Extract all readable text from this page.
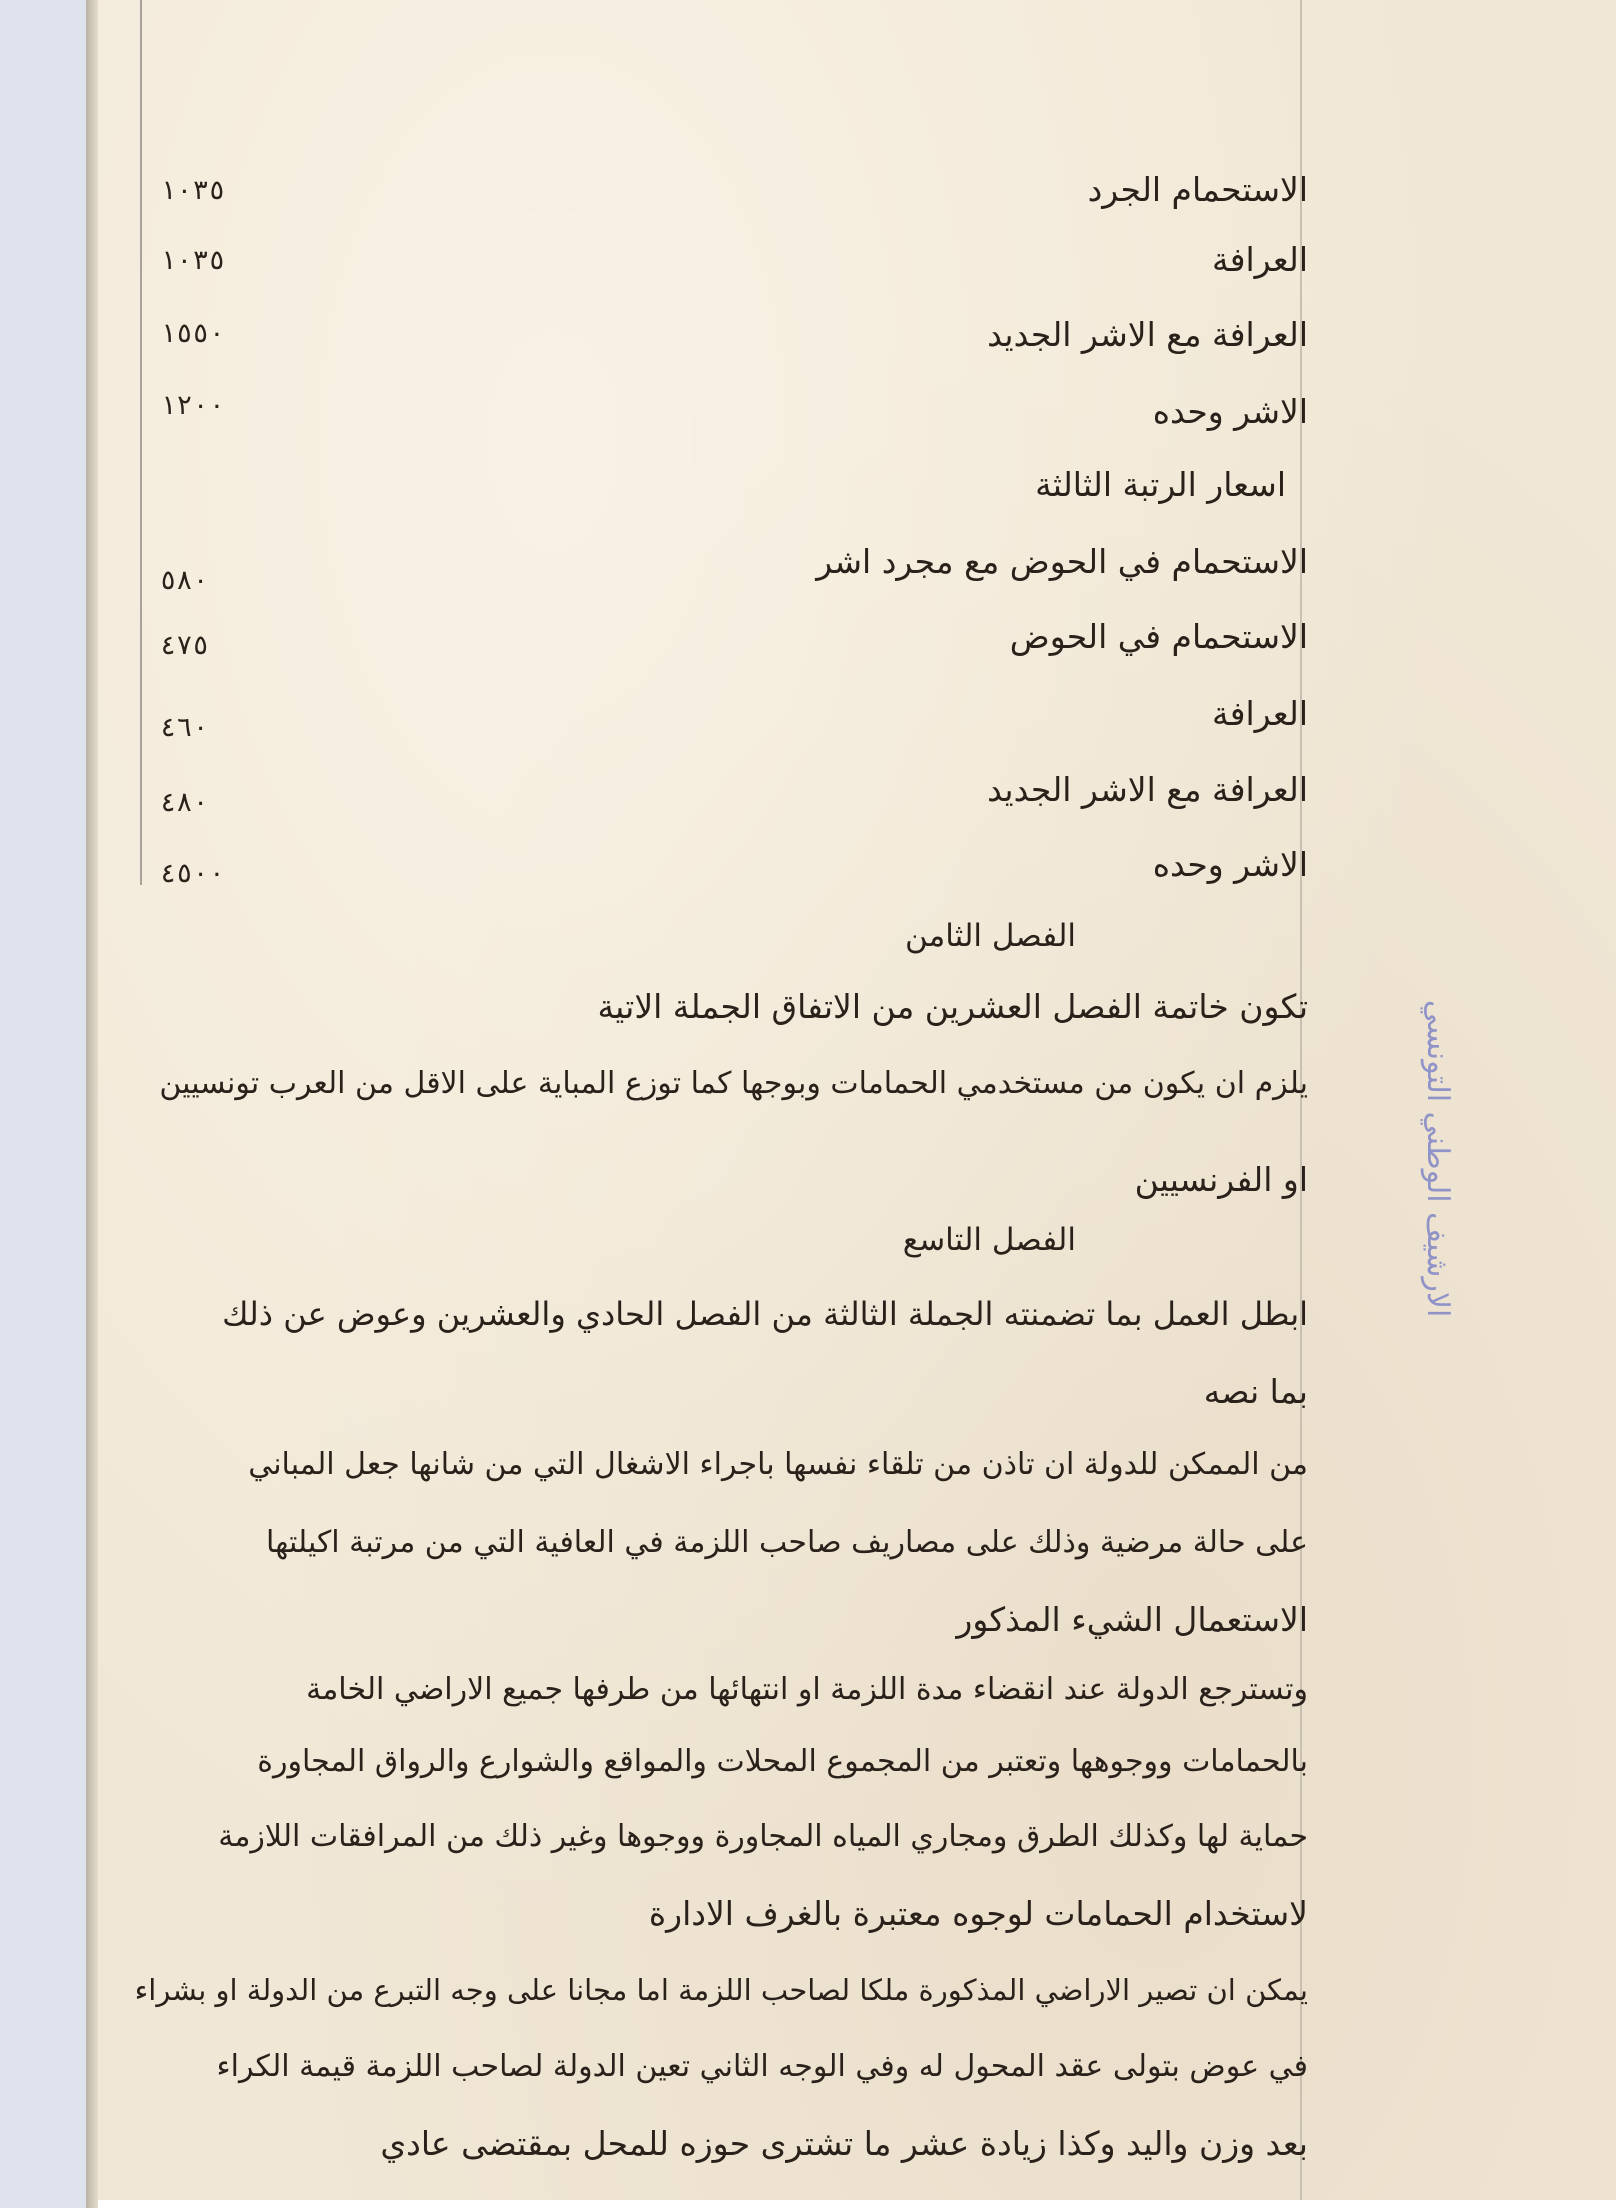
الاستحمام الجرد
١٠٣٥
العرافة
١٠٣٥
العرافة مع الاشر الجديد
١٥٥٠
الاشر وحده
١٢٠٠
اسعار الرتبة الثالثة
الاستحمام في الحوض مع مجرد اشر
٥٨٠
الاستحمام في الحوض
٤٧٥
العرافة
٤٦٠
العرافة مع الاشر الجديد
٤٨٠
الاشر وحده
٤٥٠٠
الفصل الثامن
تكون خاتمة الفصل العشرين من الاتفاق الجملة الاتية
يلزم ان يكون من مستخدمي الحمامات وبوجها كما توزع المباية على الاقل من العرب تونسيين
او الفرنسيين
الفصل التاسع
ابطل العمل بما تضمنته الجملة الثالثة من الفصل الحادي والعشرين وعوض عن ذلك
بما نصه
من الممكن للدولة ان تاذن من تلقاء نفسها باجراء الاشغال التي من شانها جعل المباني
على حالة مرضية وذلك على مصاريف صاحب اللزمة في العافية التي من مرتبة اكيلتها
الاستعمال الشيء المذكور
وتسترجع الدولة عند انقضاء مدة اللزمة او انتهائها من طرفها جميع الاراضي الخامة
بالحمامات ووجوهها وتعتبر من المجموع المحلات والمواقع والشوارع والرواق المجاورة
حماية لها وكذلك الطرق ومجاري المياه المجاورة ووجوها وغير ذلك من المرافقات اللازمة
لاستخدام الحمامات لوجوه معتبرة بالغرف الادارة
يمكن ان تصير الاراضي المذكورة ملكا لصاحب اللزمة اما مجانا على وجه التبرع من الدولة او بشراء
في عوض بتولى عقد المحول له وفي الوجه الثاني تعين الدولة لصاحب اللزمة قيمة الكراء
بعد وزن واليد وكذا زيادة عشر ما تشترى حوزه للمحل بمقتضى عادي
الارشيف الوطني التونسي
